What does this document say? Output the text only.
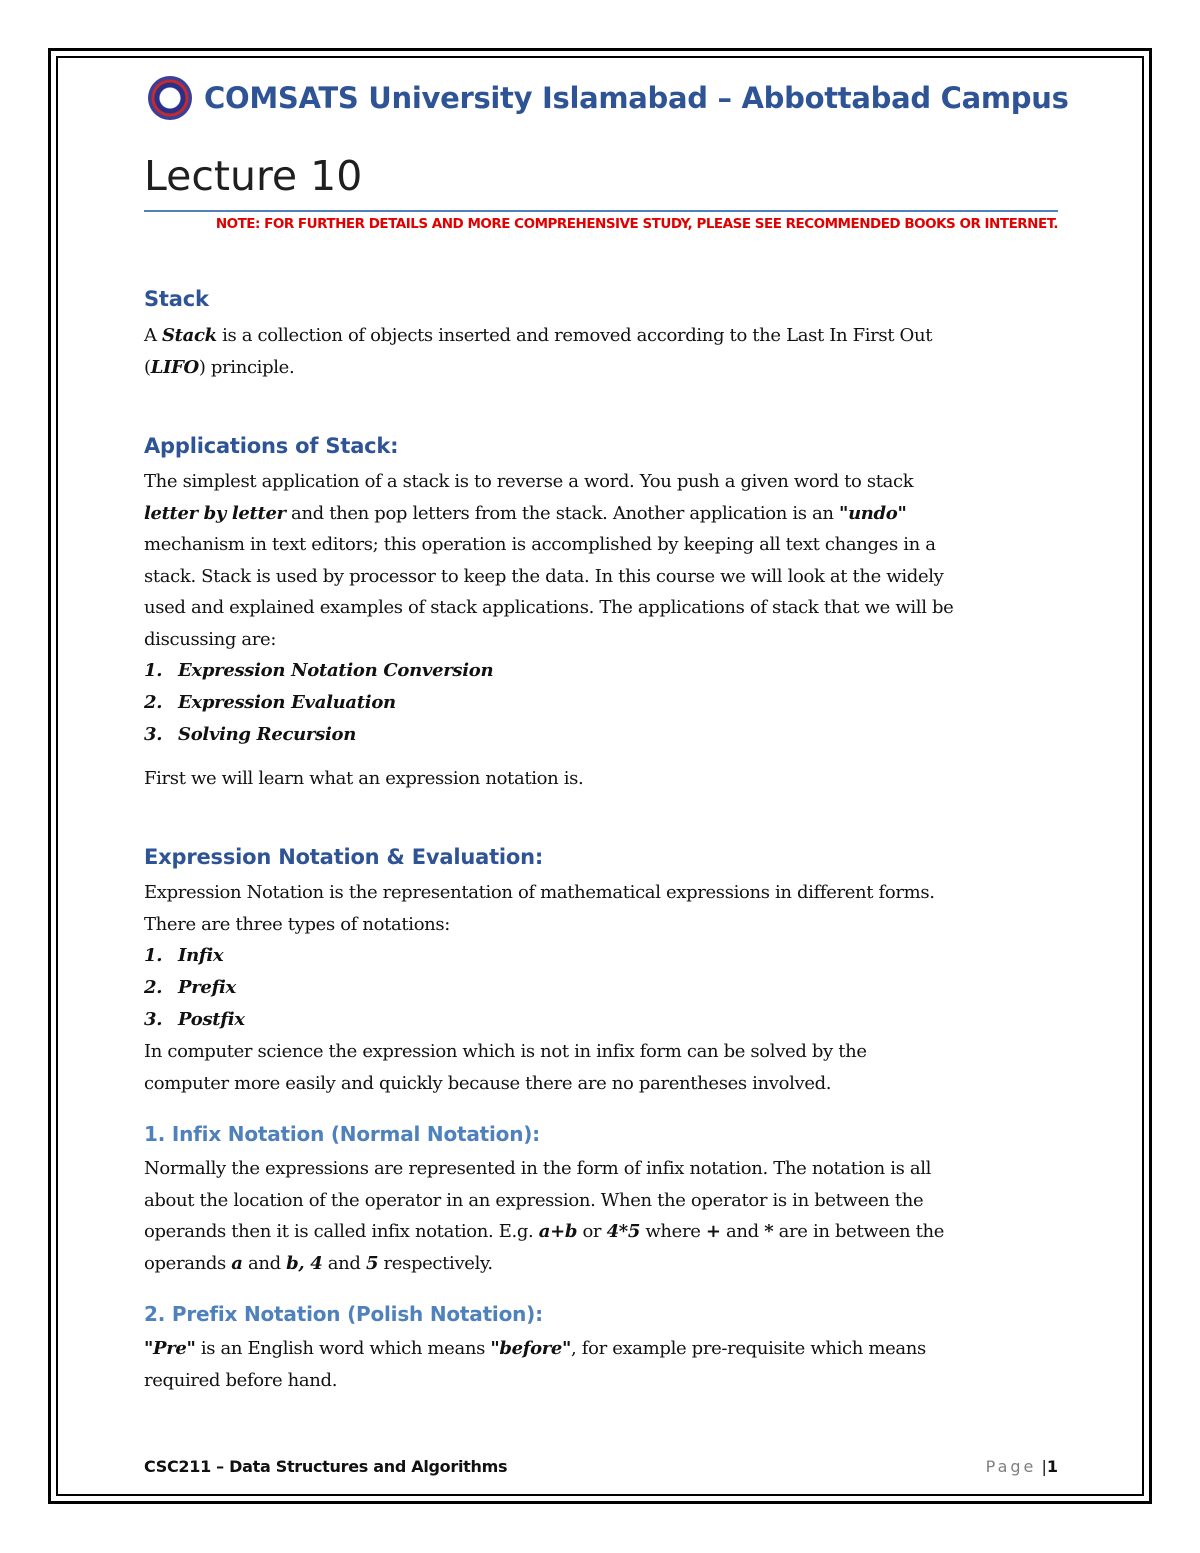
COMSATS University Islamabad – Abbottabad Campus
Lecture 10
NOTE: FOR FURTHER DETAILS AND MORE COMPREHENSIVE STUDY, PLEASE SEE RECOMMENDED BOOKS OR INTERNET.
Stack
A Stack is a collection of objects inserted and removed according to the Last In First Out
(LIFO) principle.
Applications of Stack:
The simplest application of a stack is to reverse a word. You push a given word to stack
letter by letter and then pop letters from the stack. Another application is an "undo"
mechanism in text editors; this operation is accomplished by keeping all text changes in a
stack. Stack is used by processor to keep the data. In this course we will look at the widely
used and explained examples of stack applications. The applications of stack that we will be
discussing are:
1. Expression Notation Conversion
2. Expression Evaluation
3. Solving Recursion
First we will learn what an expression notation is.
Expression Notation & Evaluation:
Expression Notation is the representation of mathematical expressions in different forms.
There are three types of notations:
1. Infix
2. Prefix
3. Postfix
In computer science the expression which is not in infix form can be solved by the
computer more easily and quickly because there are no parentheses involved.
1. Infix Notation (Normal Notation):
Normally the expressions are represented in the form of infix notation. The notation is all
about the location of the operator in an expression. When the operator is in between the
operands then it is called infix notation. E.g. a+b or 4*5 where + and * are in between the
operands a and b, 4 and 5 respectively.
2. Prefix Notation (Polish Notation):
"Pre" is an English word which means "before", for example pre-requisite which means
required before hand.
CSC211 – Data Structures and Algorithms	Page |1
